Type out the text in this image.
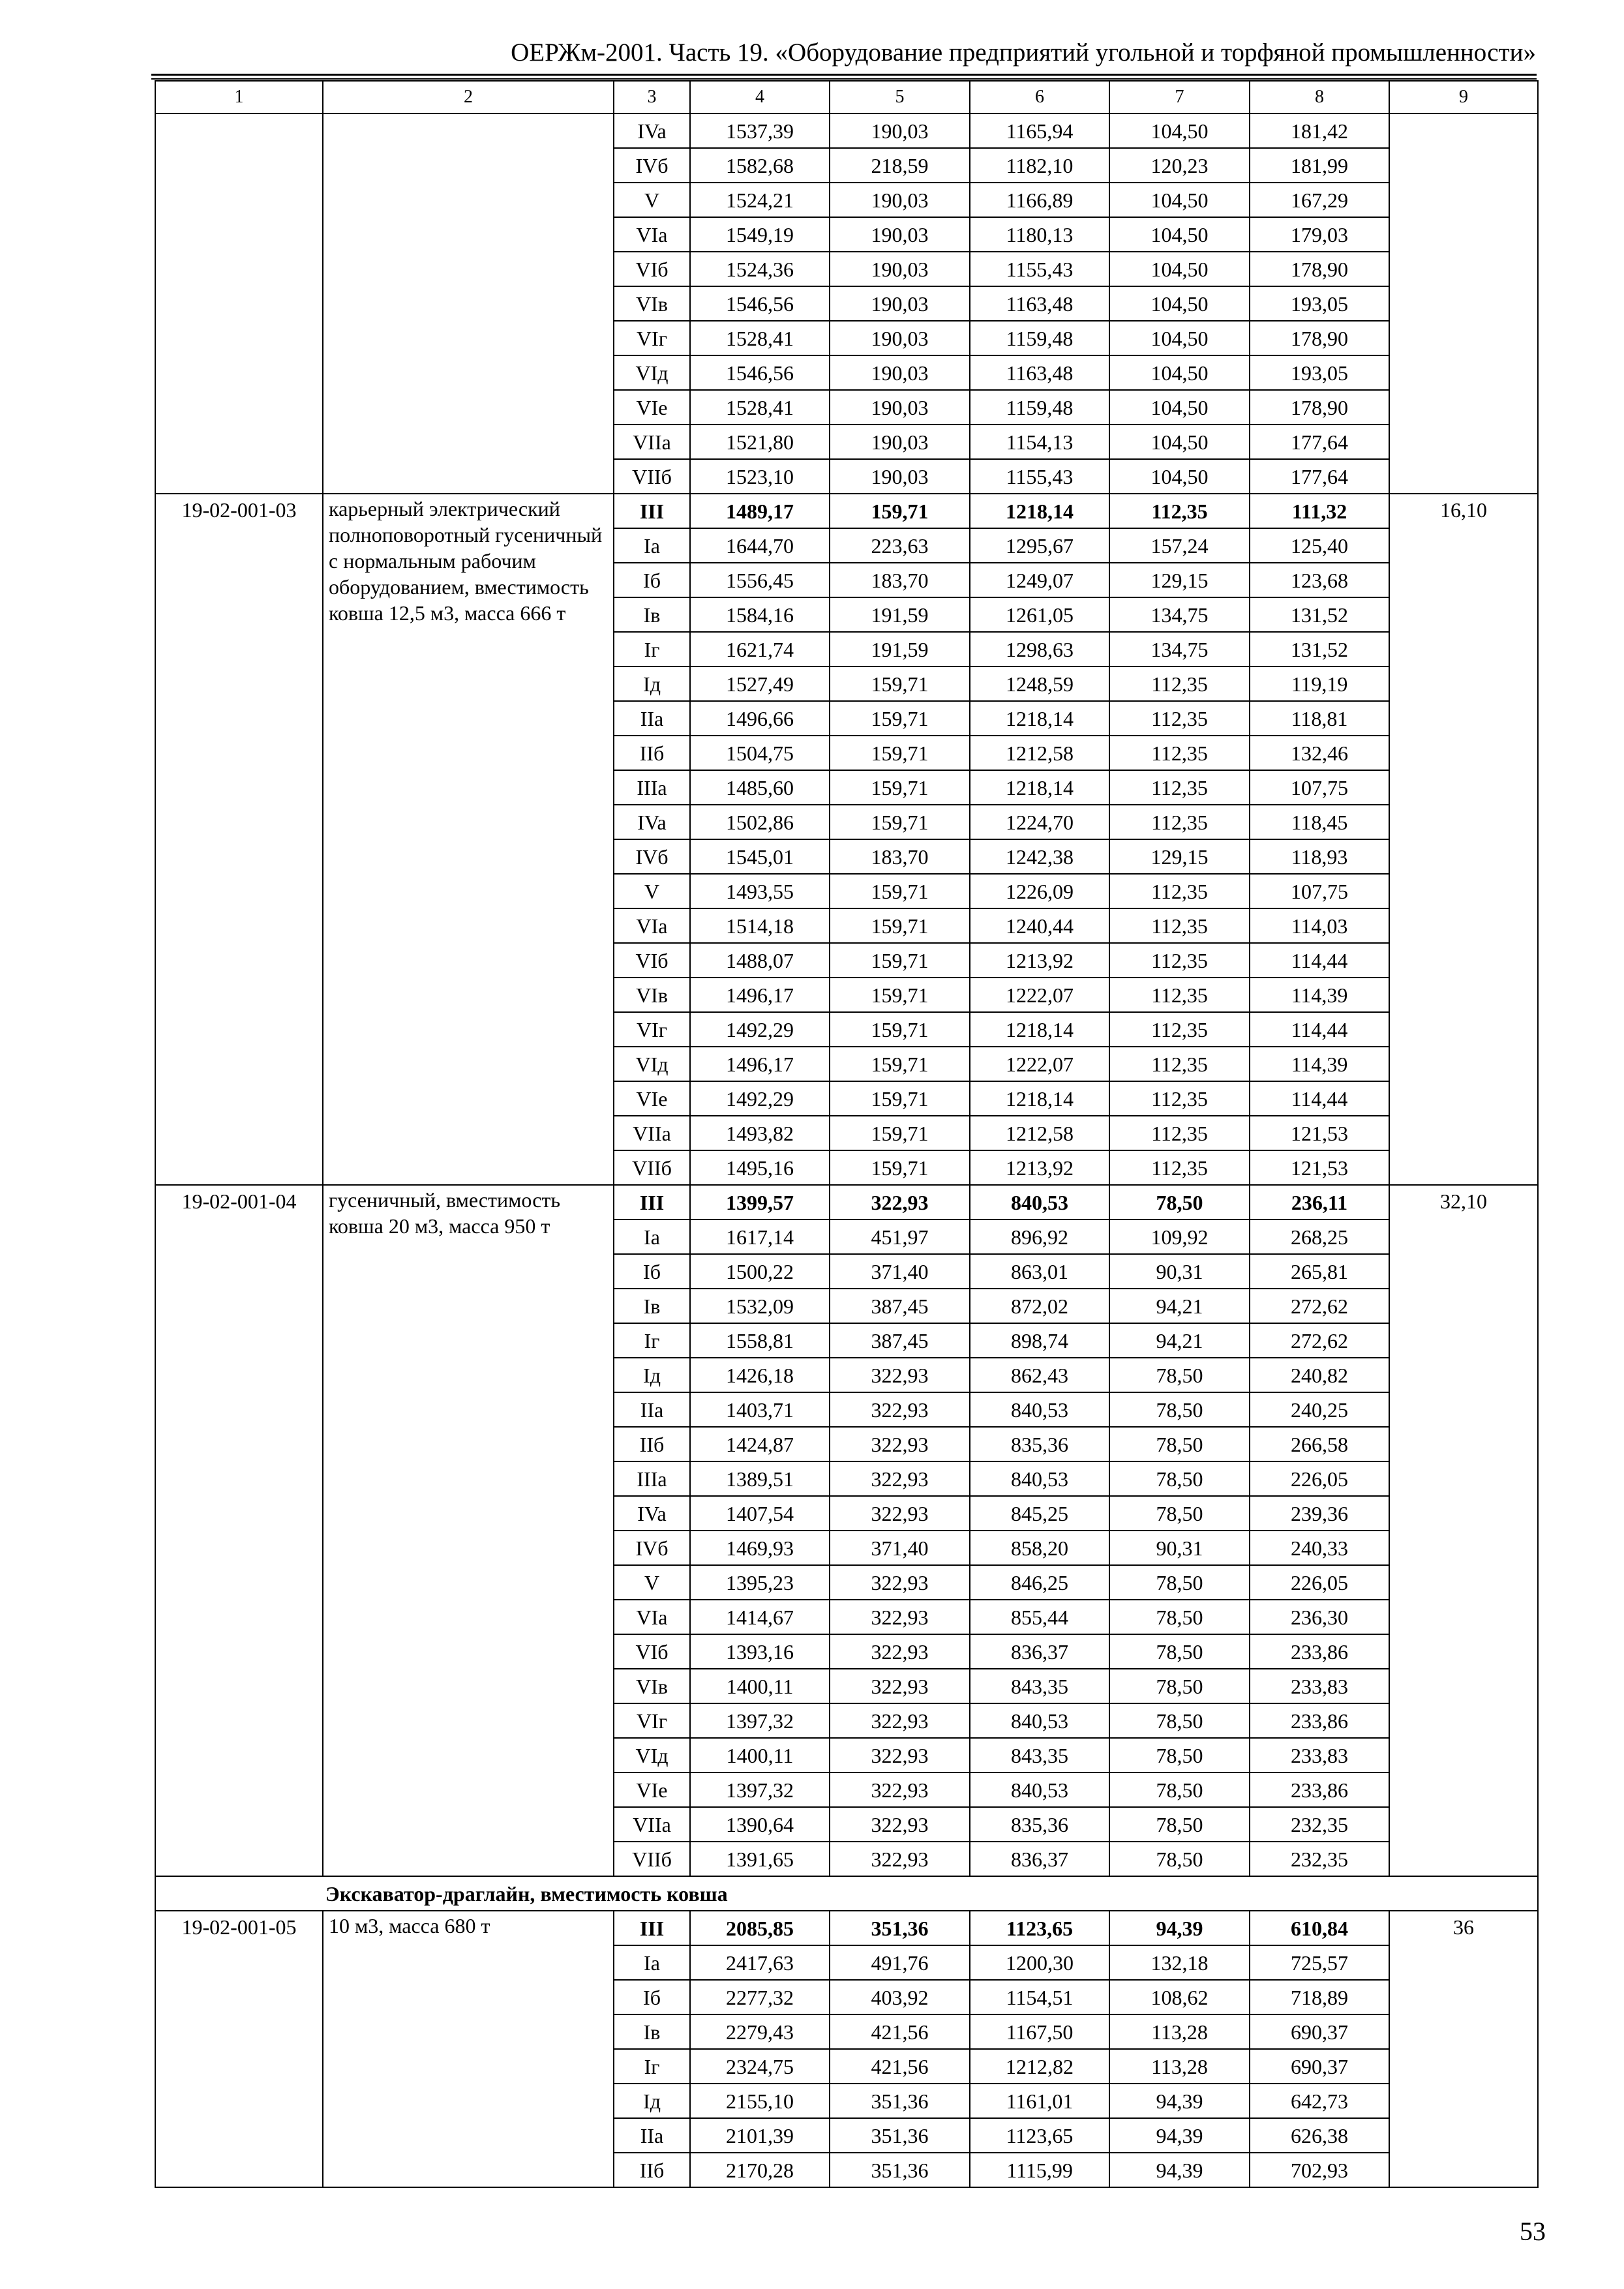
ОЕРЖм-2001. Часть 19. «Оборудование предприятий угольной и торфяной промышленности»
1	2	3	4	5	6	7	8	9
		IVa	1537,39	190,03	1165,94	104,50	181,42	
		IVб	1582,68	218,59	1182,10	120,23	181,99	
		V	1524,21	190,03	1166,89	104,50	167,29	
		VIa	1549,19	190,03	1180,13	104,50	179,03	
		VIб	1524,36	190,03	1155,43	104,50	178,90	
		VIв	1546,56	190,03	1163,48	104,50	193,05	
		VIг	1528,41	190,03	1159,48	104,50	178,90	
		VIд	1546,56	190,03	1163,48	104,50	193,05	
		VIe	1528,41	190,03	1159,48	104,50	178,90	
		VIIa	1521,80	190,03	1154,13	104,50	177,64	
		VIIб	1523,10	190,03	1155,43	104,50	177,64	
19-02-001-03	карьерный электрический полноповоротный гусеничный с нормальным рабочим оборудованием, вместимость ковша 12,5 м3, масса 666 т	III	1489,17	159,71	1218,14	112,35	111,32	16,10
		Ia	1644,70	223,63	1295,67	157,24	125,40	
		Iб	1556,45	183,70	1249,07	129,15	123,68	
		Iв	1584,16	191,59	1261,05	134,75	131,52	
		Iг	1621,74	191,59	1298,63	134,75	131,52	
		Iд	1527,49	159,71	1248,59	112,35	119,19	
		IIa	1496,66	159,71	1218,14	112,35	118,81	
		IIб	1504,75	159,71	1212,58	112,35	132,46	
		IIIa	1485,60	159,71	1218,14	112,35	107,75	
		IVa	1502,86	159,71	1224,70	112,35	118,45	
		IVб	1545,01	183,70	1242,38	129,15	118,93	
		V	1493,55	159,71	1226,09	112,35	107,75	
		VIa	1514,18	159,71	1240,44	112,35	114,03	
		VIб	1488,07	159,71	1213,92	112,35	114,44	
		VIв	1496,17	159,71	1222,07	112,35	114,39	
		VIг	1492,29	159,71	1218,14	112,35	114,44	
		VIд	1496,17	159,71	1222,07	112,35	114,39	
		VIe	1492,29	159,71	1218,14	112,35	114,44	
		VIIa	1493,82	159,71	1212,58	112,35	121,53	
		VIIб	1495,16	159,71	1213,92	112,35	121,53	
19-02-001-04	гусеничный, вместимость ковша 20 м3, масса 950 т	III	1399,57	322,93	840,53	78,50	236,11	32,10
		Ia	1617,14	451,97	896,92	109,92	268,25	
		Iб	1500,22	371,40	863,01	90,31	265,81	
		Iв	1532,09	387,45	872,02	94,21	272,62	
		Iг	1558,81	387,45	898,74	94,21	272,62	
		Iд	1426,18	322,93	862,43	78,50	240,82	
		IIa	1403,71	322,93	840,53	78,50	240,25	
		IIб	1424,87	322,93	835,36	78,50	266,58	
		IIIa	1389,51	322,93	840,53	78,50	226,05	
		IVa	1407,54	322,93	845,25	78,50	239,36	
		IVб	1469,93	371,40	858,20	90,31	240,33	
		V	1395,23	322,93	846,25	78,50	226,05	
		VIa	1414,67	322,93	855,44	78,50	236,30	
		VIб	1393,16	322,93	836,37	78,50	233,86	
		VIв	1400,11	322,93	843,35	78,50	233,83	
		VIг	1397,32	322,93	840,53	78,50	233,86	
		VIд	1400,11	322,93	843,35	78,50	233,83	
		VIe	1397,32	322,93	840,53	78,50	233,86	
		VIIa	1390,64	322,93	835,36	78,50	232,35	
		VIIб	1391,65	322,93	836,37	78,50	232,35	
Экскаватор-драглайн, вместимость ковша								
19-02-001-05	10 м3, масса 680 т	III	2085,85	351,36	1123,65	94,39	610,84	36
		Ia	2417,63	491,76	1200,30	132,18	725,57	
		Iб	2277,32	403,92	1154,51	108,62	718,89	
		Iв	2279,43	421,56	1167,50	113,28	690,37	
		Iг	2324,75	421,56	1212,82	113,28	690,37	
		Iд	2155,10	351,36	1161,01	94,39	642,73	
		IIa	2101,39	351,36	1123,65	94,39	626,38	
		IIб	2170,28	351,36	1115,99	94,39	702,93	
53
